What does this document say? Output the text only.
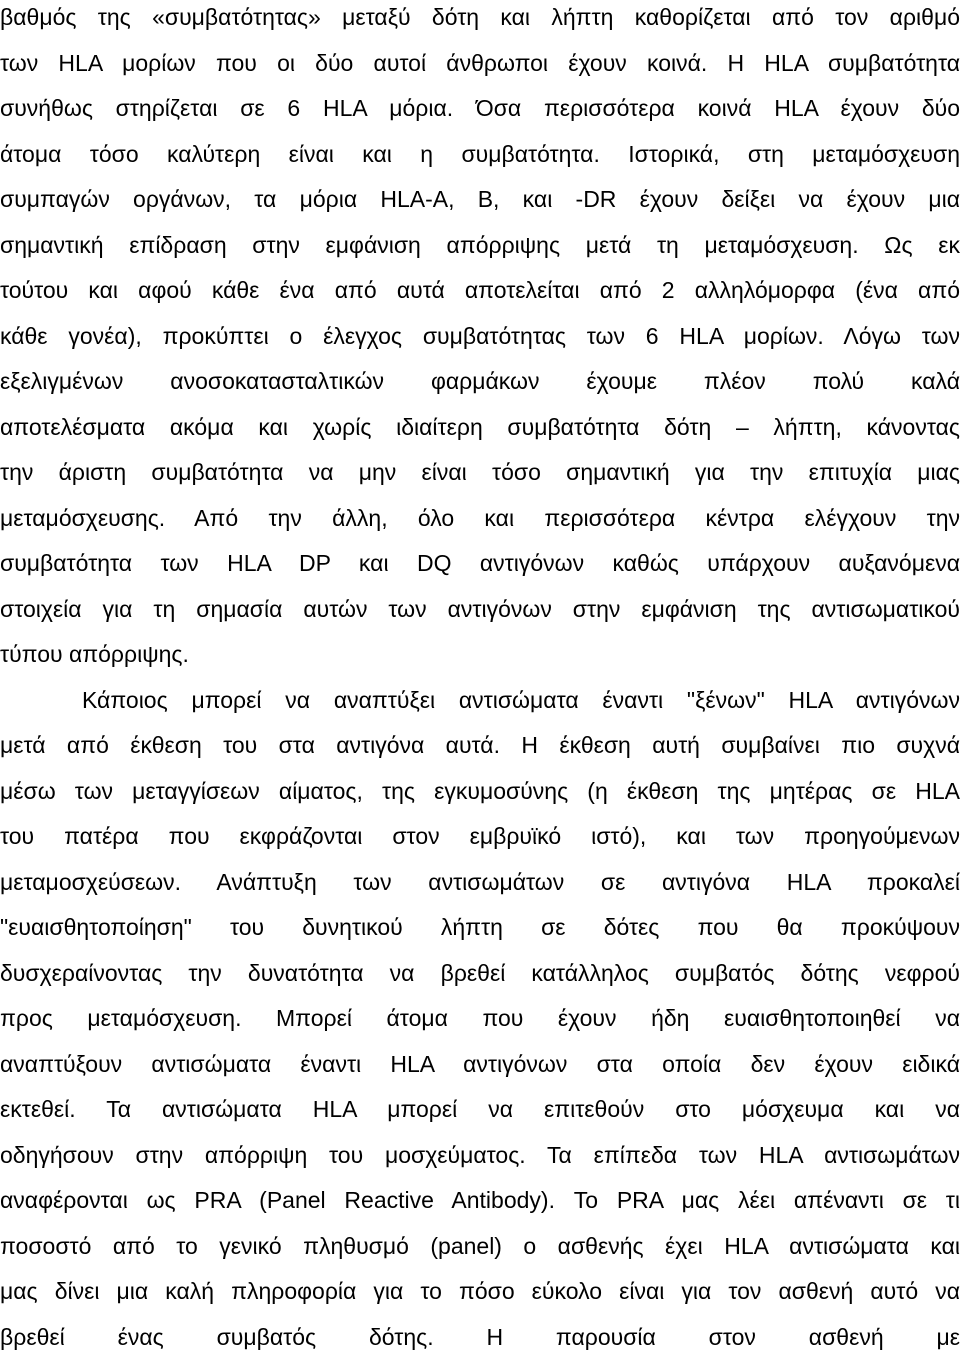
βαθμός της «συμβατότητας» μεταξύ δότη και λήπτη καθορίζεται από τον αριθμό
των HLA μορίων που οι δύο αυτοί άνθρωποι έχουν κοινά. Η HLA συμβατότητα
συνήθως στηρίζεται σε 6 HLA μόρια. Όσα περισσότερα κοινά HLA έχουν δύο
άτομα τόσο καλύτερη είναι και η συμβατότητα. Ιστορικά, στη μεταμόσχευση
συμπαγών οργάνων, τα μόρια HLA-A, B, και -DR έχουν δείξει να έχουν μια
σημαντική επίδραση στην εμφάνιση απόρριψης μετά τη μεταμόσχευση. Ως εκ
τούτου και αφού κάθε ένα από αυτά αποτελείται από 2 αλληλόμορφα (ένα από
κάθε γονέα), προκύπτει ο έλεγχος συμβατότητας των 6 HLA μορίων. Λόγω των
εξελιγμένων ανοσοκατασταλτικών φαρμάκων έχουμε πλέον πολύ καλά
αποτελέσματα ακόμα και χωρίς ιδιαίτερη συμβατότητα δότη – λήπτη, κάνοντας
την άριστη συμβατότητα να μην είναι τόσο σημαντική για την επιτυχία μιας
μεταμόσχευσης. Από την άλλη, όλο και περισσότερα κέντρα ελέγχουν την
συμβατότητα των HLA DP και DQ αντιγόνων καθώς υπάρχουν αυξανόμενα
στοιχεία για τη σημασία αυτών των αντιγόνων στην εμφάνιση της αντισωματικού
τύπου απόρριψης.
Κάποιος μπορεί να αναπτύξει αντισώματα έναντι "ξένων" HLA αντιγόνων
μετά από έκθεση του στα αντιγόνα αυτά. Η έκθεση αυτή συμβαίνει πιο συχνά
μέσω των μεταγγίσεων αίματος, της εγκυμοσύνης (η έκθεση της μητέρας σε HLA
του πατέρα που εκφράζονται στον εμβρυϊκό ιστό), και των προηγούμενων
μεταμοσχεύσεων. Ανάπτυξη των αντισωμάτων σε αντιγόνα HLA προκαλεί
"ευαισθητοποίηση" του δυνητικού λήπτη σε δότες που θα προκύψουν
δυσχεραίνοντας την δυνατότητα να βρεθεί κατάλληλος συμβατός δότης νεφρού
προς μεταμόσχευση. Μπορεί άτομα που έχουν ήδη ευαισθητοποιηθεί να
αναπτύξουν αντισώματα έναντι HLA αντιγόνων στα οποία δεν έχουν ειδικά
εκτεθεί. Τα αντισώματα HLA μπορεί να επιτεθούν στο μόσχευμα και να
οδηγήσουν στην απόρριψη του μοσχεύματος. Τα επίπεδα των HLA αντισωμάτων
αναφέρονται ως PRA (Panel Reactive Antibody). Το PRA μας λέει απέναντι σε τι
ποσοστό από το γενικό πληθυσμό (panel) ο ασθενής έχει HLA αντισώματα και
μας δίνει μια καλή πληροφορία για το πόσο εύκολο είναι για τον ασθενή αυτό να
βρεθεί ένας συμβατός δότης. Η παρουσία στον ασθενή με
